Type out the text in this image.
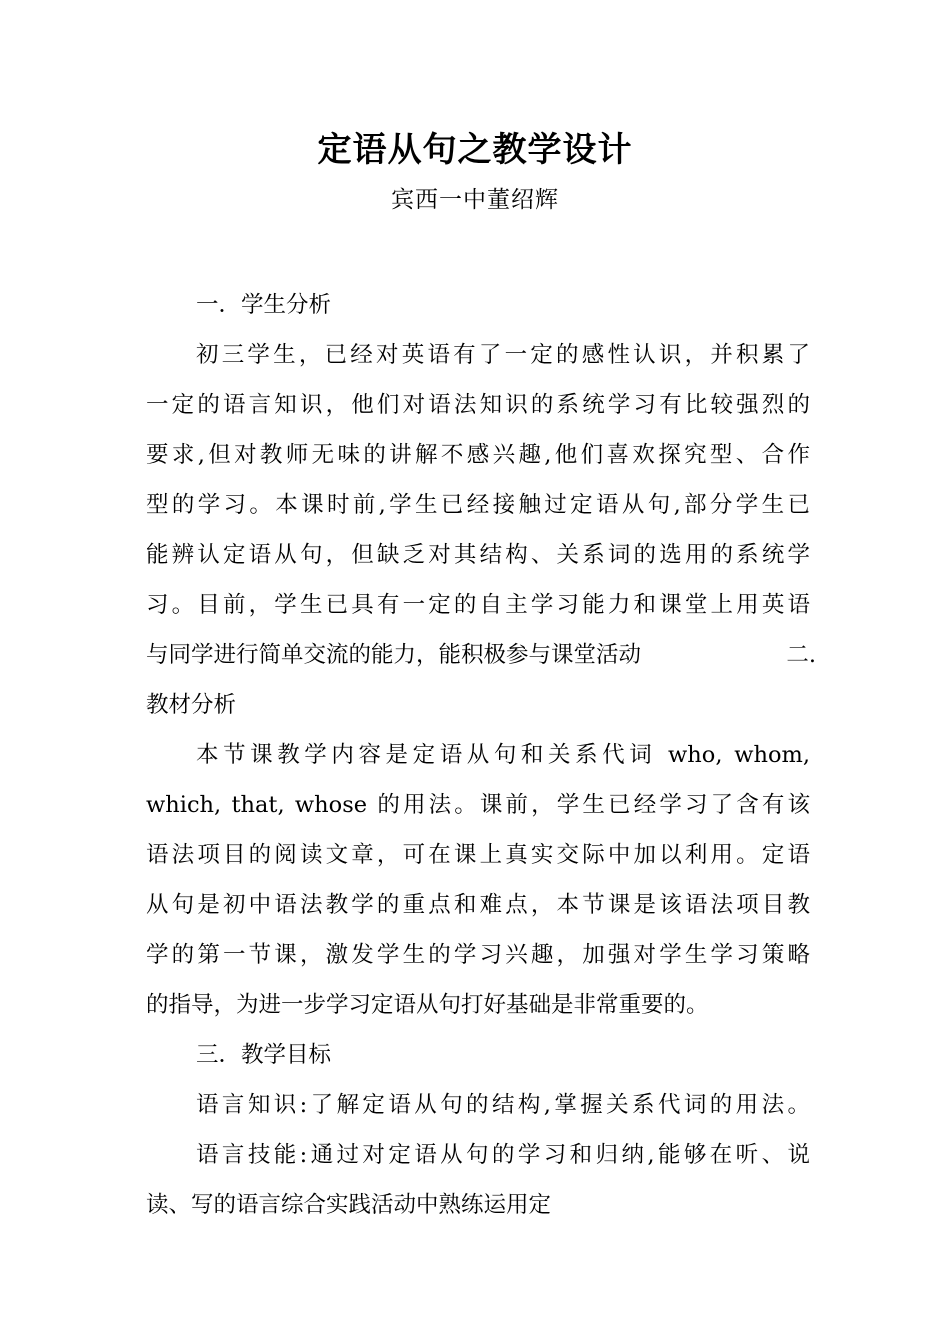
定语从句之教学设计
宾西一中董绍辉
一．学生分析
初三学生，已经对英语有了一定的感性认识，并积累了
一定的语言知识，他们对语法知识的系统学习有比较强烈的
要求,但对教师无味的讲解不感兴趣,他们喜欢探究型、合作
型的学习。本课时前,学生已经接触过定语从句,部分学生已
能辨认定语从句，但缺乏对其结构、关系词的选用的系统学
习。目前，学生已具有一定的自主学习能力和课堂上用英语
与同学进行简单交流的能力，能积极参与课堂活动	二.
教材分析
本节课教学内容是定语从句和关系代词 who, whom,
which, that, whose 的用法。课前，学生已经学习了含有该
语法项目的阅读文章，可在课上真实交际中加以利用。定语
从句是初中语法教学的重点和难点，本节课是该语法项目教
学的第一节课，激发学生的学习兴趣，加强对学生学习策略
的指导，为进一步学习定语从句打好基础是非常重要的。
三．教学目标
语言知识:了解定语从句的结构,掌握关系代词的用法。
语言技能:通过对定语从句的学习和归纳,能够在听、说
读、写的语言综合实践活动中熟练运用定
